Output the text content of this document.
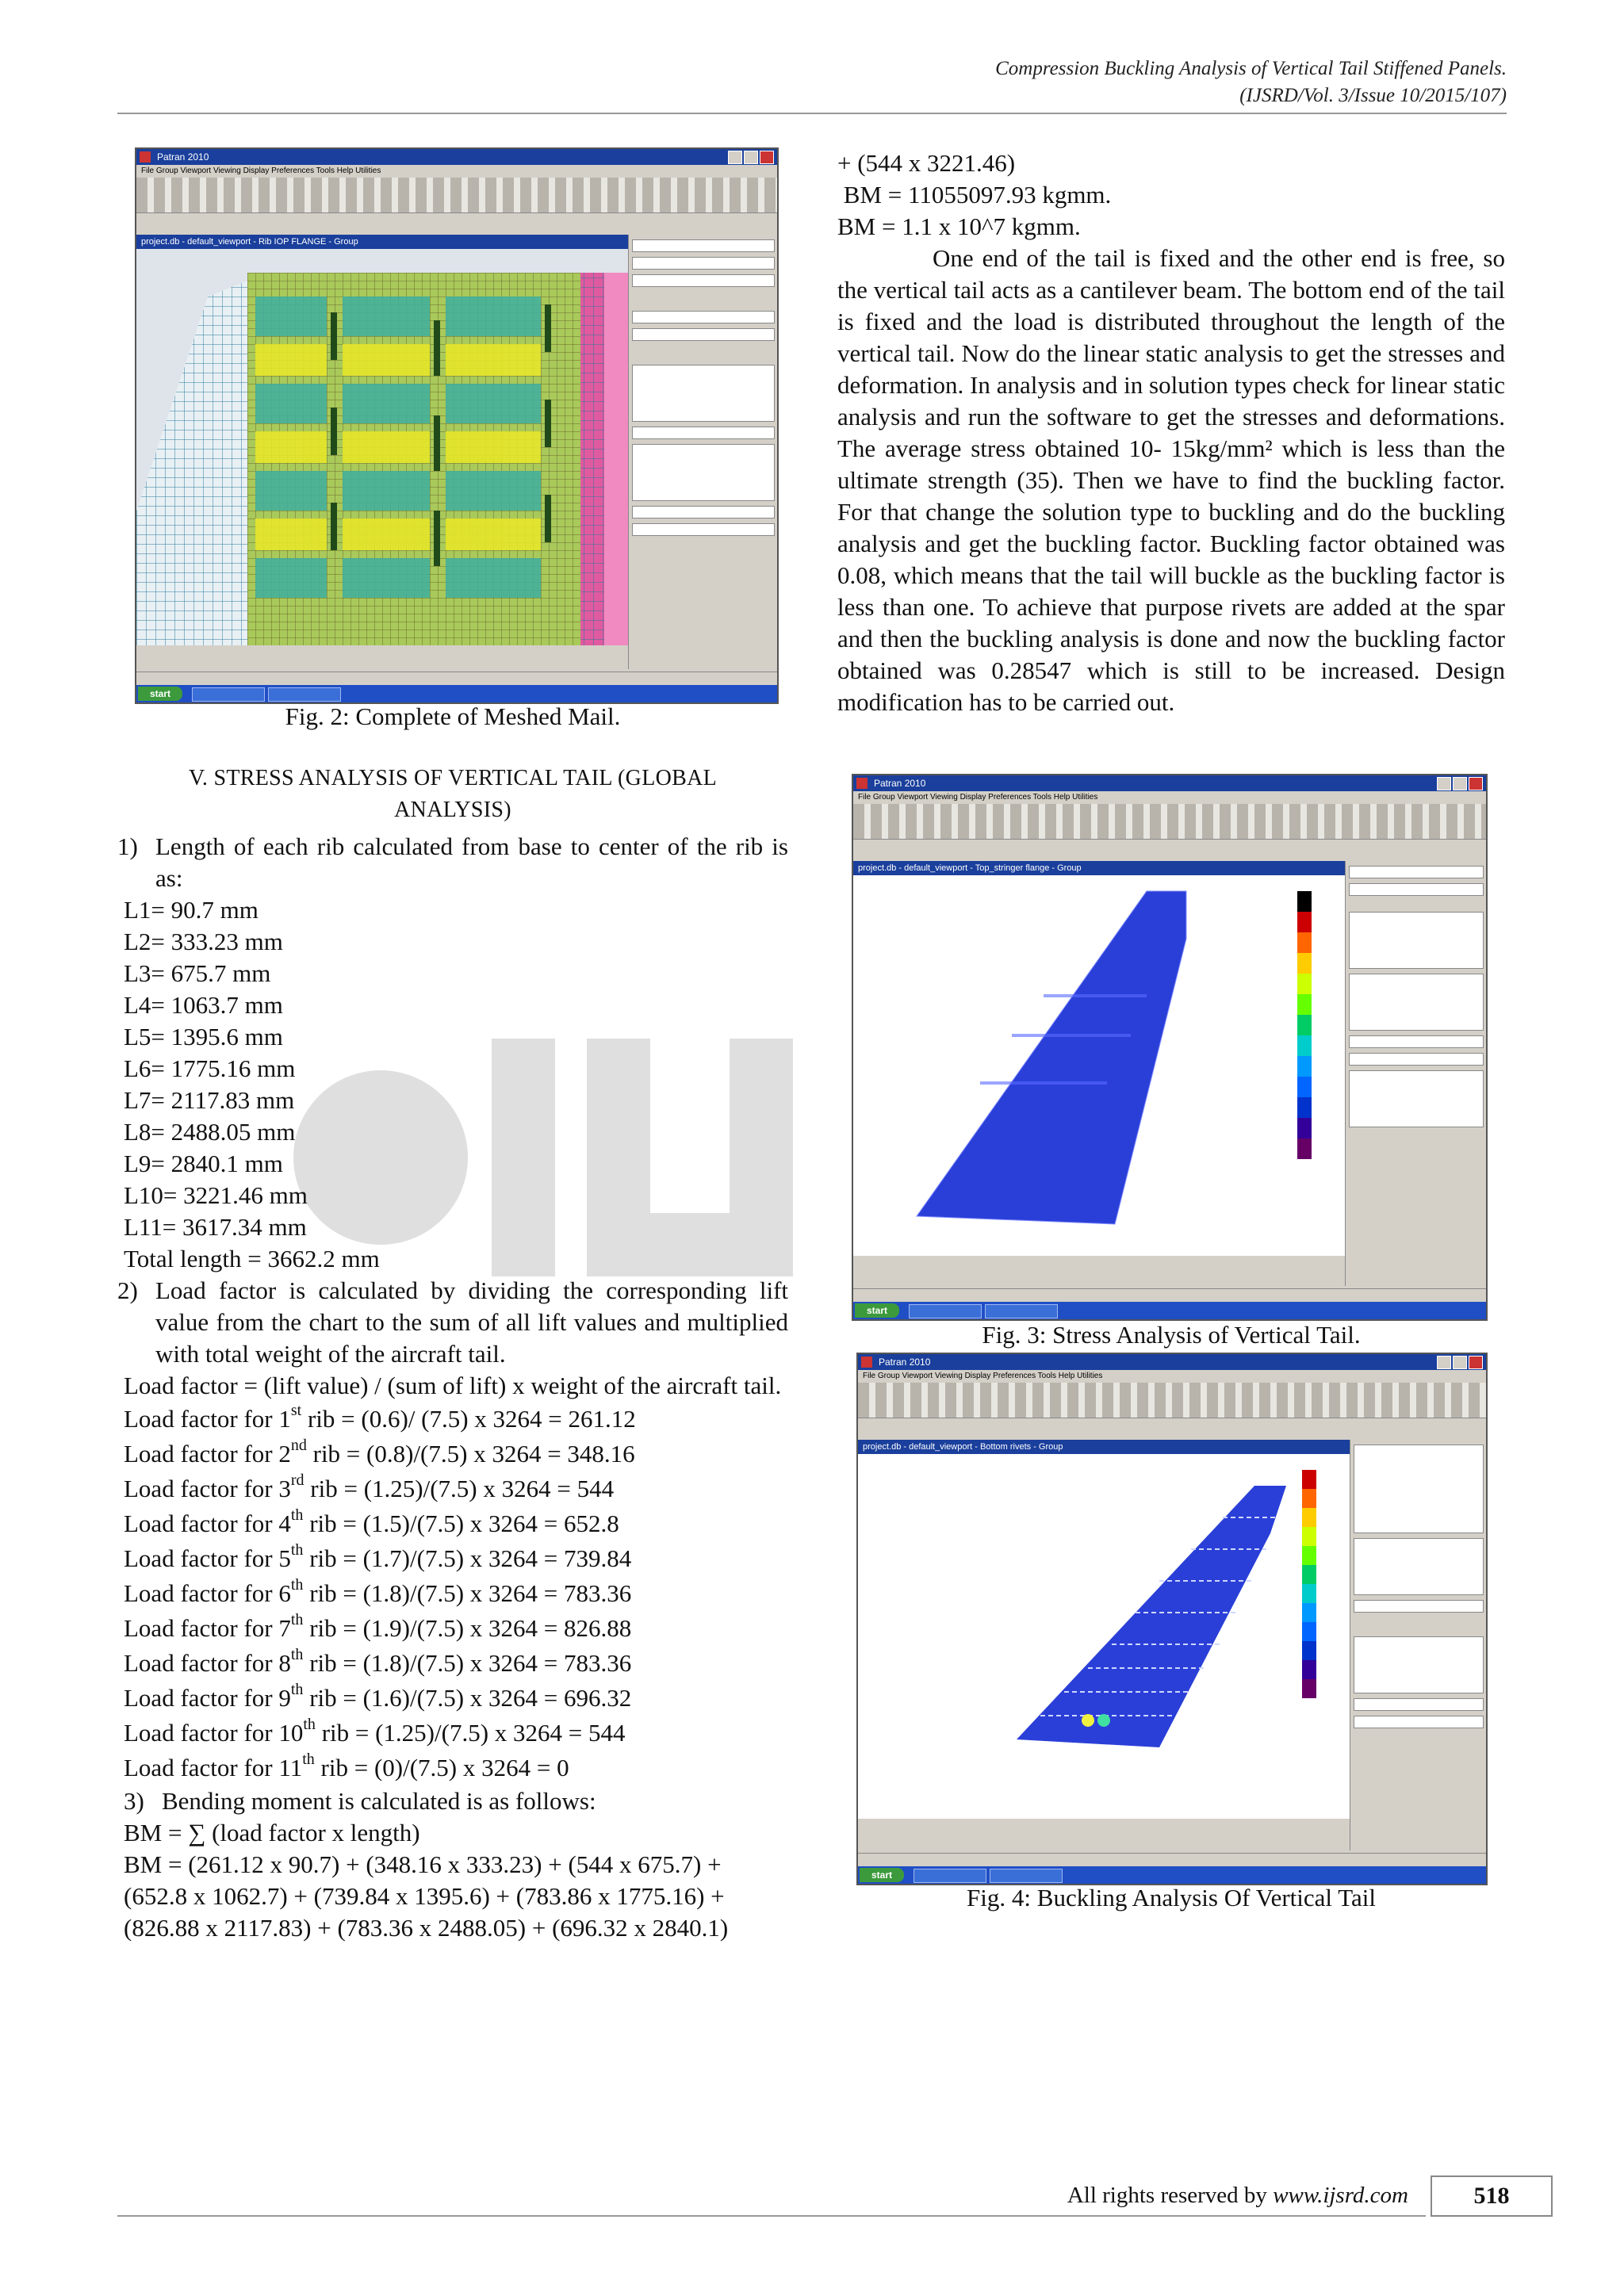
Compression Buckling Analysis of Vertical Tail Stiffened Panels.
(IJSRD/Vol. 3/Issue 10/2015/107)
Patran 2010
File Group Viewport Viewing Display Preferences Tools Help Utilities
project.db - default_viewport - Rib IOP FLANGE - Group
start
Fig. 2: Complete of Meshed Mail.
V. STRESS ANALYSIS OF VERTICAL TAIL (GLOBAL ANALYSIS)
1) Length of each rib calculated from base to center of the rib is as:
L1= 90.7 mm
L2= 333.23 mm
L3= 675.7 mm
L4= 1063.7 mm
L5= 1395.6 mm
L6= 1775.16 mm
L7= 2117.83 mm
L8= 2488.05 mm
L9= 2840.1 mm
L10= 3221.46 mm
L11= 3617.34 mm
Total length = 3662.2 mm
2) Load factor is calculated by dividing the corresponding lift value from the chart to the sum of all lift values and multiplied with total weight of the aircraft tail.
Load factor = (lift value) / (sum of lift) x weight of the aircraft tail.
Load factor for 1st rib = (0.6)/ (7.5) x 3264 = 261.12
Load factor for 2nd rib = (0.8)/(7.5) x 3264 = 348.16
Load factor for 3rd rib = (1.25)/(7.5) x 3264 = 544
Load factor for 4th rib = (1.5)/(7.5) x 3264 = 652.8
Load factor for 5th rib = (1.7)/(7.5) x 3264 = 739.84
Load factor for 6th rib = (1.8)/(7.5) x 3264 = 783.36
Load factor for 7th rib = (1.9)/(7.5) x 3264 = 826.88
Load factor for 8th rib = (1.8)/(7.5) x 3264 = 783.36
Load factor for 9th rib = (1.6)/(7.5) x 3264 = 696.32
Load factor for 10th rib = (1.25)/(7.5) x 3264 = 544
Load factor for 11th rib = (0)/(7.5) x 3264 = 0
3) Bending moment is calculated is as follows:
BM = ∑ (load factor x length)
BM = (261.12 x 90.7) + (348.16 x 333.23) + (544 x 675.7) +
(652.8 x 1062.7) + (739.84 x 1395.6) + (783.86 x 1775.16) +
(826.88 x 2117.83) + (783.36 x 2488.05) + (696.32 x 2840.1)
+ (544 x 3221.46)
BM = 11055097.93 kgmm.
BM = 1.1 x 10^7 kgmm.
One end of the tail is fixed and the other end is free, so the vertical tail acts as a cantilever beam. The bottom end of the tail is fixed and the load is distributed throughout the length of the vertical tail. Now do the linear static analysis to get the stresses and deformation. In analysis and in solution types check for linear static analysis and run the software to get the stresses and deformations. The average stress obtained 10- 15kg/mm² which is less than the ultimate strength (35). Then we have to find the buckling factor. For that change the solution type to buckling and do the buckling analysis and get the buckling factor. Buckling factor obtained was 0.08, which means that the tail will buckle as the buckling factor is less than one. To achieve that purpose rivets are added at the spar and then the buckling analysis is done and now the buckling factor obtained was 0.28547 which is still to be increased. Design modification has to be carried out.
Patran 2010
File Group Viewport Viewing Display Preferences Tools Help Utilities
project.db - default_viewport - Top_stringer flange - Group
start
Fig. 3: Stress Analysis of Vertical Tail.
Patran 2010
File Group Viewport Viewing Display Preferences Tools Help Utilities
project.db - default_viewport - Bottom rivets - Group
start
Fig. 4: Buckling Analysis Of Vertical Tail
All rights reserved by www.ijsrd.com	518
